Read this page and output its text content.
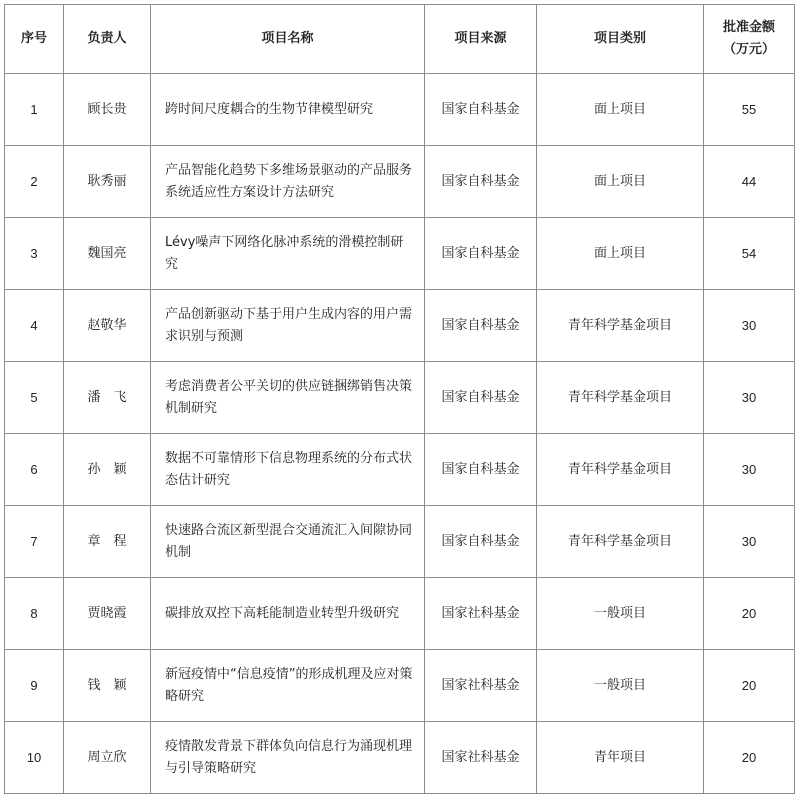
序号	负责人	项目名称	项目来源	项目类别	批准金额
（万元）

1	顾长贵	跨时间尺度耦合的生物节律模型研究	国家自科基金	面上项目	55
2	耿秀丽	产品智能化趋势下多维场景驱动的产品服务系统适应性方案设计方法研究	国家自科基金	面上项目	44
3	魏国亮	Lévy噪声下网络化脉冲系统的滑模控制研究	国家自科基金	面上项目	54
4	赵敬华	产品创新驱动下基于用户生成内容的用户需求识别与预测	国家自科基金	青年科学基金项目	30
5	潘　飞	考虑消费者公平关切的供应链捆绑销售决策机制研究	国家自科基金	青年科学基金项目	30
6	孙　颖	数据不可靠情形下信息物理系统的分布式状态估计研究	国家自科基金	青年科学基金项目	30
7	章　程	快速路合流区新型混合交通流汇入间隙协同机制	国家自科基金	青年科学基金项目	30
8	贾晓霞	碳排放双控下高耗能制造业转型升级研究	国家社科基金	一般项目	20
9	钱　颖	新冠疫情中“信息疫情”的形成机理及应对策略研究	国家社科基金	一般项目	20
10	周立欣	疫情散发背景下群体负向信息行为涌现机理与引导策略研究	国家社科基金	青年项目	20
